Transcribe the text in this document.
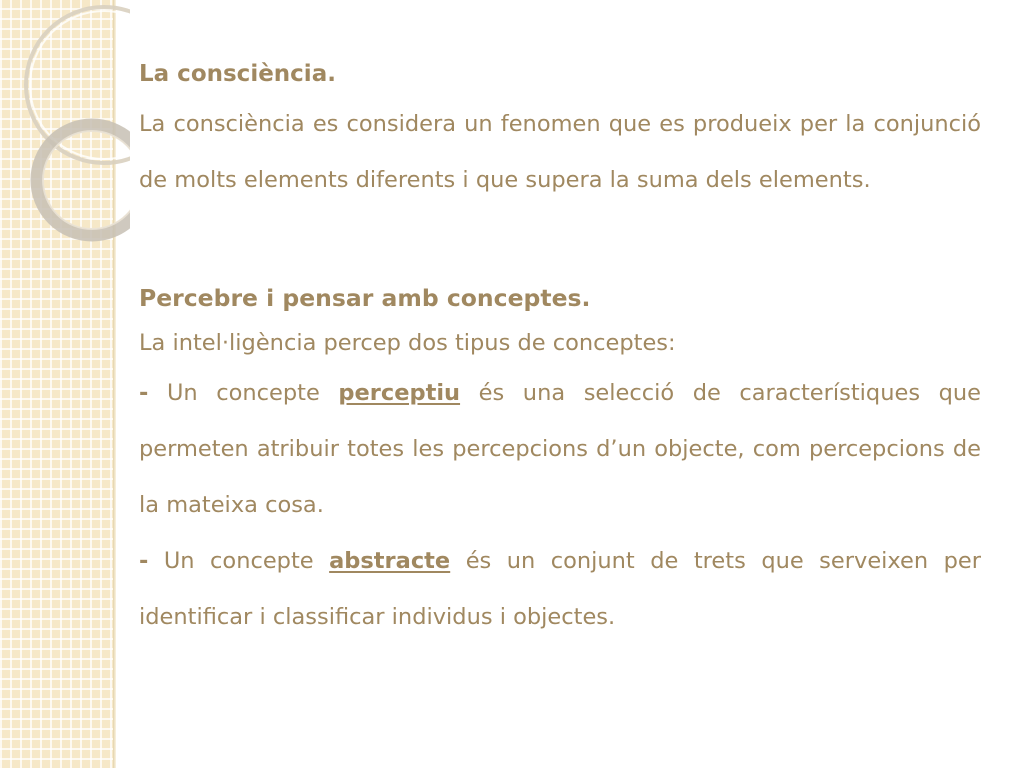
La consciència.

La consciència es considera un fenomen que es produeix per la conjunció de molts elements diferents i que supera la suma dels elements.

Percebre i pensar amb conceptes.

La intel·ligència percep dos tipus de conceptes:

- Un concepte perceptiu és una selecció de característiques que permeten atribuir totes les percepcions d’un objecte, com percepcions de la mateixa cosa.

- Un concepte abstracte és un conjunt de trets que serveixen per identificar i classificar individus i objectes.
